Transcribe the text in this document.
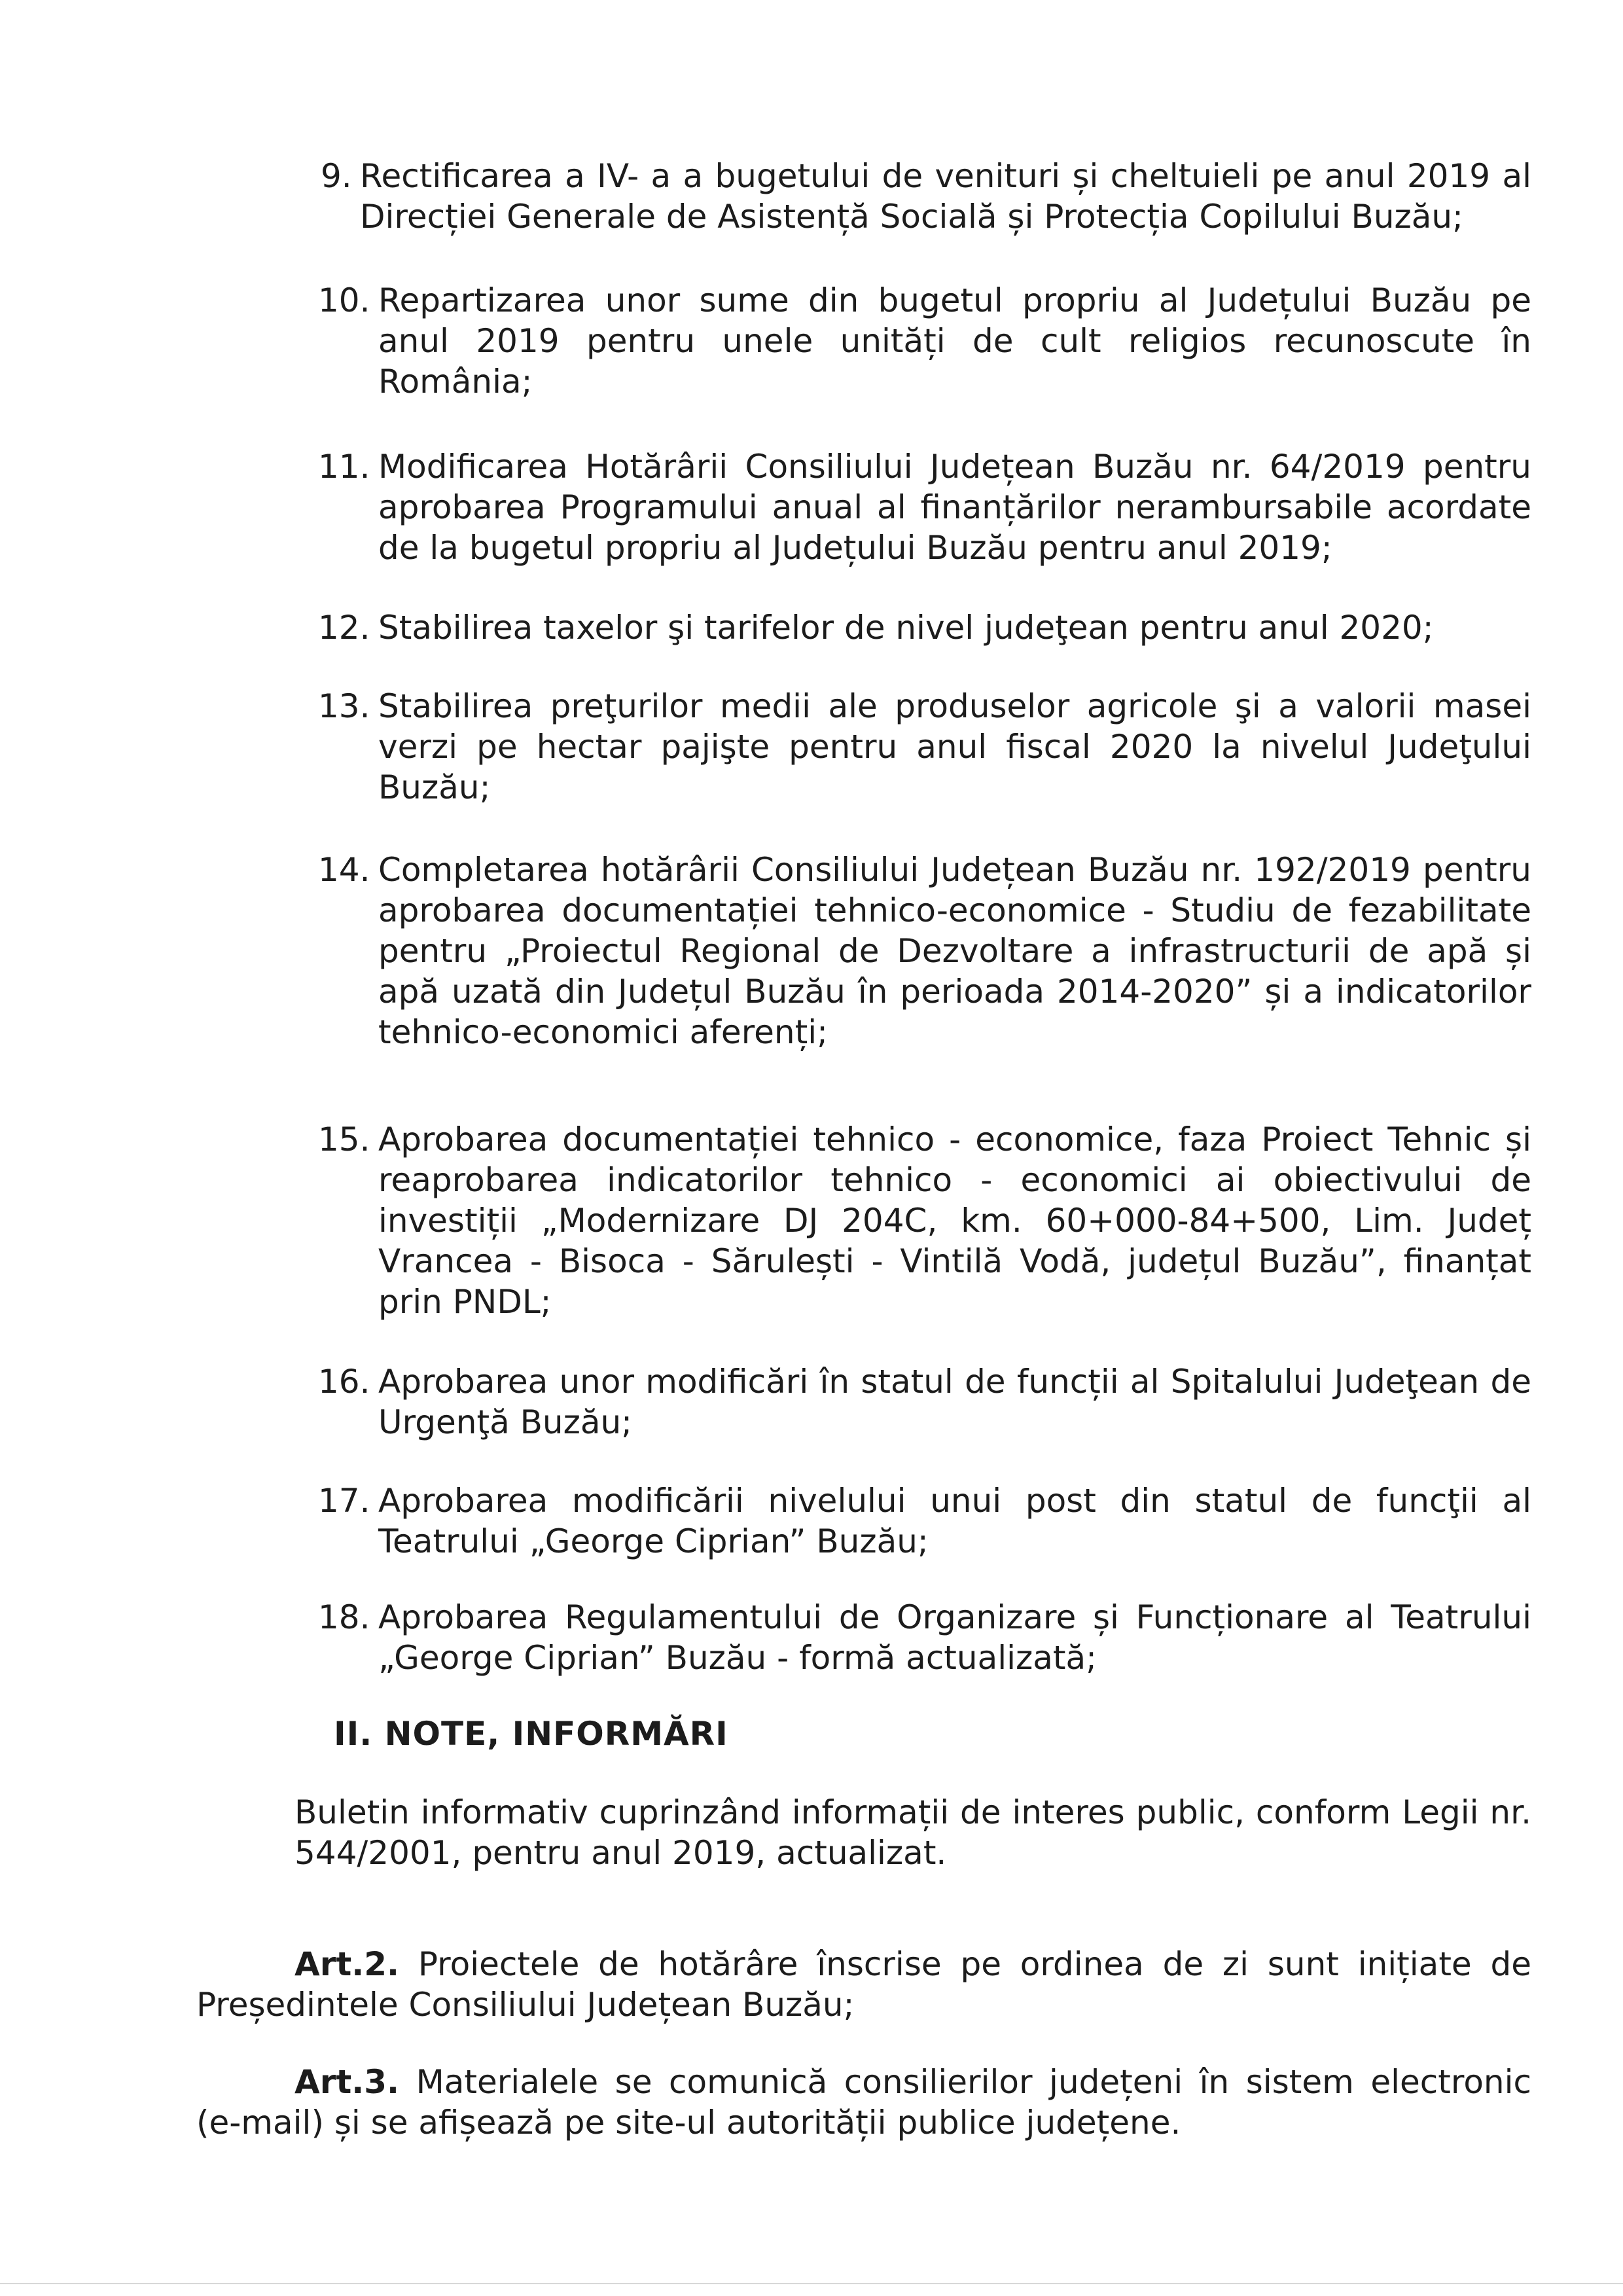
9. Rectificarea a IV- a a bugetului de venituri și cheltuieli pe anul 2019 al Direcției Generale de Asistență Socială și Protecția Copilului Buzău;
10. Repartizarea unor sume din bugetul propriu al Județului Buzău pe anul 2019 pentru unele unități de cult religios recunoscute în România;
11. Modificarea Hotărârii Consiliului Județean Buzău nr. 64/2019 pentru aprobarea Programului anual al finanțărilor nerambursabile acordate de la bugetul propriu al Județului Buzău pentru anul 2019;
12. Stabilirea taxelor şi tarifelor de nivel judeţean pentru anul 2020;
13. Stabilirea preţurilor medii ale produselor agricole şi a valorii masei verzi pe hectar pajişte pentru anul fiscal 2020 la nivelul Judeţului Buzău;
14. Completarea hotărârii Consiliului Județean Buzău nr. 192/2019 pentru aprobarea documentației tehnico-economice - Studiu de fezabilitate pentru „Proiectul Regional de Dezvoltare a infrastructurii de apă și apă uzată din Județul Buzău în perioada 2014-2020” și a indicatorilor tehnico-economici aferenți;
15. Aprobarea documentației tehnico - economice, faza Proiect Tehnic și reaprobarea indicatorilor tehnico - economici ai obiectivului de investiții „Modernizare DJ 204C, km. 60+000-84+500, Lim. Județ Vrancea - Bisoca - Sărulești - Vintilă Vodă, județul Buzău”, finanțat prin PNDL;
16. Aprobarea unor modificări în statul de funcții al Spitalului Judeţean de Urgenţă Buzău;
17. Aprobarea modificării nivelului unui post din statul de funcţii al Teatrului „George Ciprian” Buzău;
18. Aprobarea Regulamentului de Organizare și Funcționare al Teatrului „George Ciprian” Buzău - formă actualizată;
II. NOTE, INFORMĂRI
Buletin informativ cuprinzând informații de interes public, conform Legii nr. 544/2001, pentru anul 2019, actualizat.
Art.2. Proiectele de hotărâre înscrise pe ordinea de zi sunt inițiate de Președintele Consiliului Județean Buzău;
Art.3. Materialele se comunică consilierilor județeni în sistem electronic (e-mail) și se afișează pe site-ul autorității publice județene.
